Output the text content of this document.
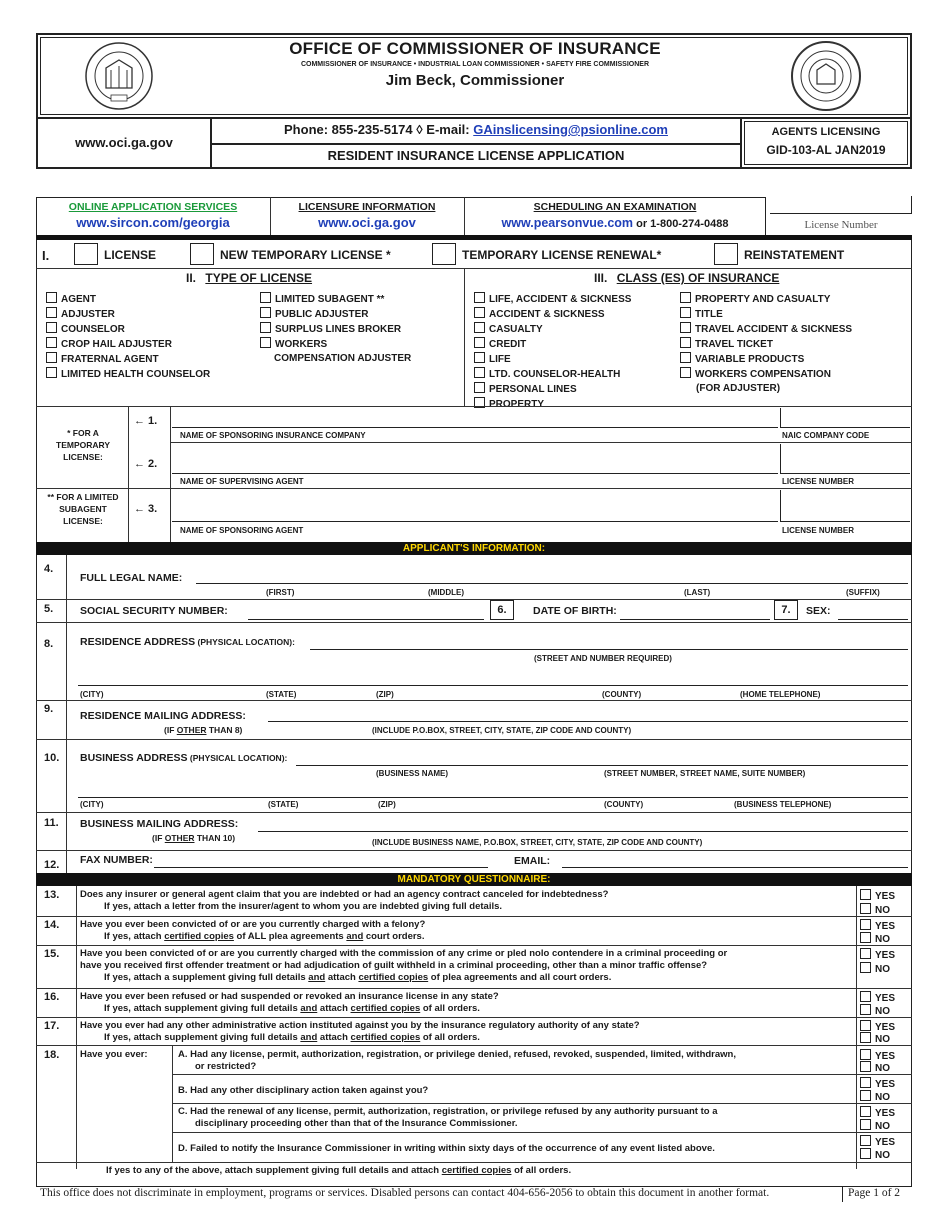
OFFICE OF COMMISSIONER OF INSURANCE
COMMISSIONER OF INSURANCE • INDUSTRIAL LOAN COMMISSIONER • SAFETY FIRE COMMISSIONER
Jim Beck, Commissioner
www.oci.ga.gov
Phone: 855-235-5174 ◊ E-mail: GAinslicensing@psionline.com
RESIDENT INSURANCE LICENSE APPLICATION
AGENTS LICENSING
GID-103-AL JAN2019
ONLINE APPLICATION SERVICES
www.sircon.com/georgia
LICENSURE INFORMATION
www.oci.ga.gov
SCHEDULING AN EXAMINATION
www.pearsonvue.com or 1-800-274-0488	License Number
I.	LICENSE	NEW TEMPORARY LICENSE *	TEMPORARY LICENSE RENEWAL*	REINSTATEMENT
II. TYPE OF LICENSE
AGENT
ADJUSTER
COUNSELOR
CROP HAIL ADJUSTER
FRATERNAL AGENT
LIMITED HEALTH COUNSELOR
LIMITED SUBAGENT **
PUBLIC ADJUSTER
SURPLUS LINES BROKER
WORKERS
COMPENSATION ADJUSTER
III. CLASS (ES) OF INSURANCE
LIFE, ACCIDENT & SICKNESS
ACCIDENT & SICKNESS
CASUALTY
CREDIT
LIFE
LTD. COUNSELOR-HEALTH
PERSONAL LINES
PROPERTY
PROPERTY AND CASUALTY
TITLE
TRAVEL ACCIDENT & SICKNESS
TRAVEL TICKET
VARIABLE PRODUCTS
WORKERS COMPENSATION
(FOR ADJUSTER)
* FOR A TEMPORARY LICENSE:
** FOR A LIMITED SUBAGENT LICENSE:
← 1.
← 2.
← 3.
NAME OF SPONSORING INSURANCE COMPANY	NAIC COMPANY CODE
NAME OF SUPERVISING AGENT	LICENSE NUMBER
NAME OF SPONSORING AGENT	LICENSE NUMBER
APPLICANT'S INFORMATION:
4.
FULL LEGAL NAME:
(FIRST)	(MIDDLE)	(LAST)	(SUFFIX)
5.	SOCIAL SECURITY NUMBER:	6.	DATE OF BIRTH:	7.	SEX:
8.	RESIDENCE ADDRESS (PHYSICAL LOCATION):
(STREET AND NUMBER REQUIRED)
(CITY)	(STATE)	(ZIP)	(COUNTY)	(HOME TELEPHONE)
9.
RESIDENCE MAILING ADDRESS:
(IF OTHER THAN 8)	(INCLUDE P.O.BOX, STREET, CITY, STATE, ZIP CODE AND COUNTY)
10. BUSINESS ADDRESS (PHYSICAL LOCATION):
(BUSINESS NAME)	(STREET NUMBER, STREET NAME, SUITE NUMBER)
(CITY)	(STATE)	(ZIP)	(COUNTY)	(BUSINESS TELEPHONE)
11. BUSINESS MAILING ADDRESS:
(IF OTHER THAN 10)	(INCLUDE BUSINESS NAME, P.O.BOX, STREET, CITY, STATE, ZIP CODE AND COUNTY)
12. FAX NUMBER:	EMAIL:
MANDATORY QUESTIONNAIRE:
13. Does any insurer or general agent claim that you are indebted or had an agency contract canceled for indebtedness?
If yes, attach a letter from the insurer/agent to whom you are indebted giving full details.
YES
NO
14. Have you ever been convicted of or are you currently charged with a felony?
If yes, attach certified copies of ALL plea agreements and court orders.
YES
NO
15. Have you been convicted of or are you currently charged with the commission of any crime or pled nolo contendere in a criminal proceeding or
have you received first offender treatment or had adjudication of guilt withheld in a criminal proceeding, other than a minor traffic offense?
If yes, attach a supplement giving full details and attach certified copies of plea agreements and all court orders.
YES
NO
16. Have you ever been refused or had suspended or revoked an insurance license in any state?
If yes, attach supplement giving full details and attach certified copies of all orders.
YES
NO
17. Have you ever had any other administrative action instituted against you by the insurance regulatory authority of any state?
If yes, attach supplement giving full details and attach certified copies of all orders.
YES
NO
18. Have you ever:	A. Had any license, permit, authorization, registration, or privilege denied, refused, revoked, suspended, limited, withdrawn,
or restricted?
YES
NO
B. Had any other disciplinary action taken against you?
YES
NO
C. Had the renewal of any license, permit, authorization, registration, or privilege refused by any authority pursuant to a
disciplinary proceeding other than that of the Insurance Commissioner.
YES
NO
D. Failed to notify the Insurance Commissioner in writing within sixty days of the occurrence of any event listed above.
YES
NO
If yes to any of the above, attach supplement giving full details and attach certified copies of all orders.
This office does not discriminate in employment, programs or services. Disabled persons can contact 404-656-2056 to obtain this document in another format.	Page 1 of 2
